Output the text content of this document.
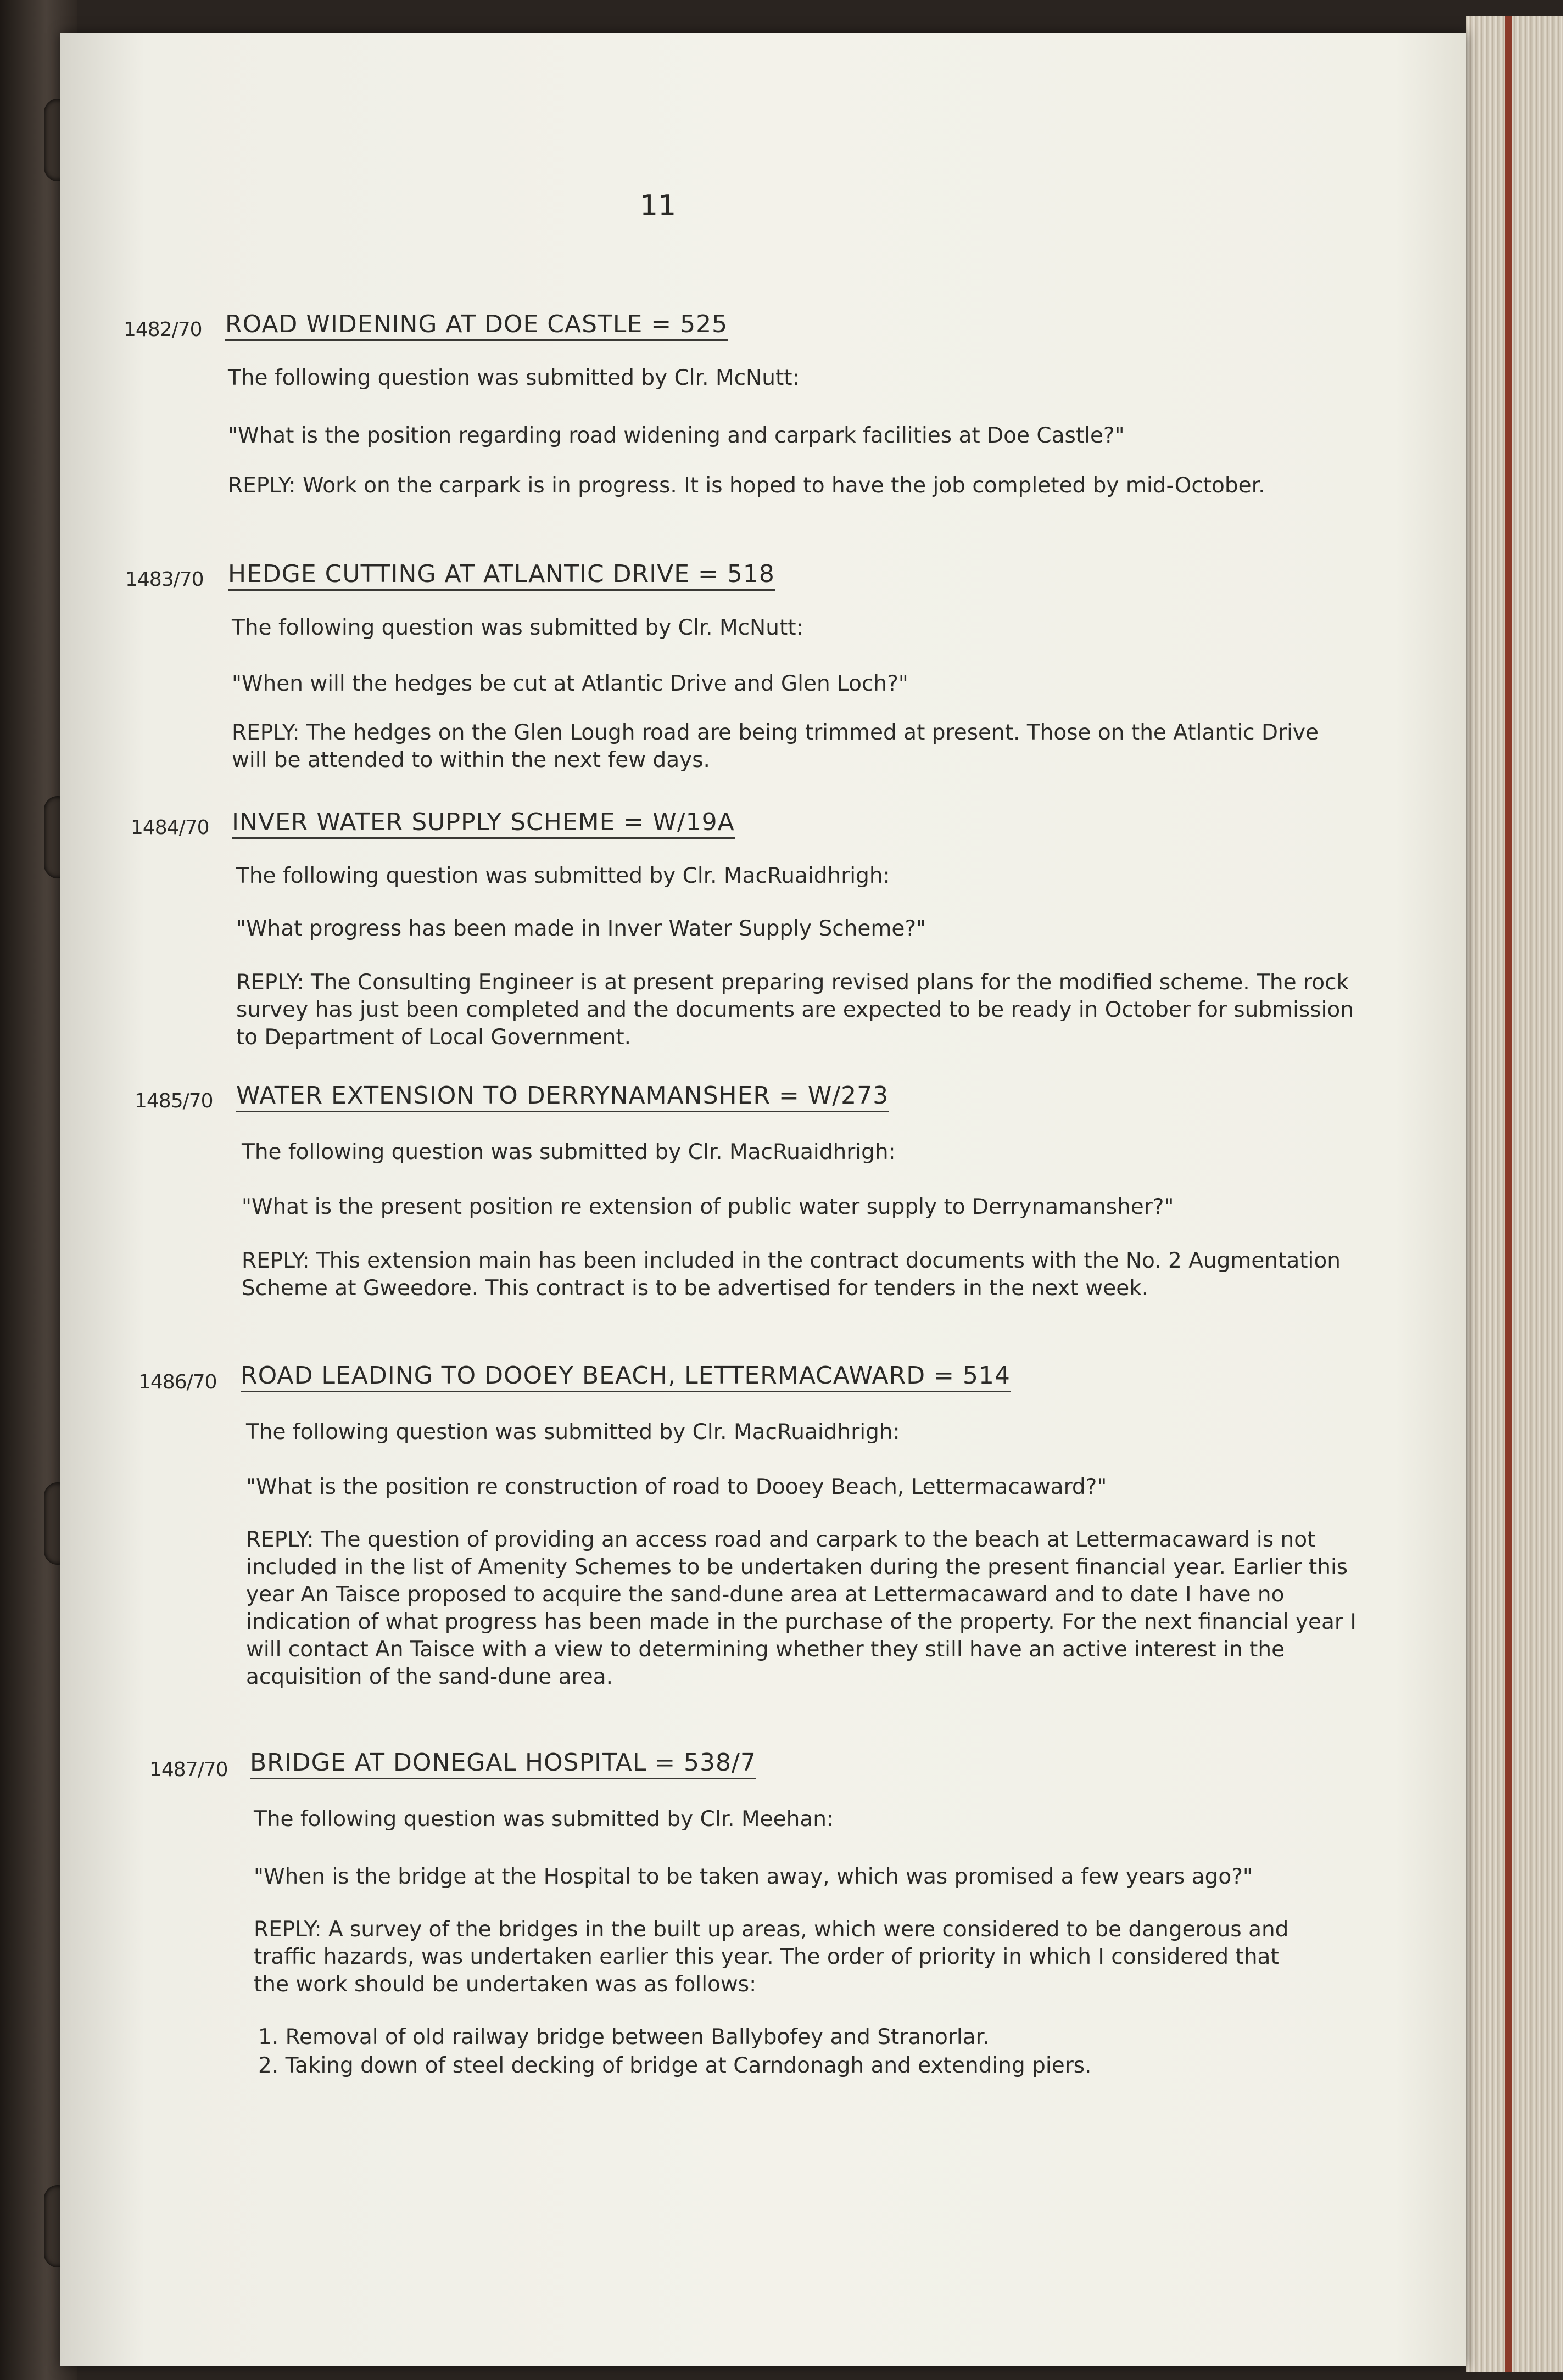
11
1482/70 ROAD WIDENING AT DOE CASTLE = 525
The following question was submitted by Clr. McNutt:
"What is the position regarding road widening and carpark facilities at Doe Castle?"
REPLY: Work on the carpark is in progress. It is hoped to have the job completed by mid-October.
1483/70 HEDGE CUTTING AT ATLANTIC DRIVE = 518
The following question was submitted by Clr. McNutt:
"When will the hedges be cut at Atlantic Drive and Glen Loch?"
REPLY: The hedges on the Glen Lough road are being trimmed at present. Those on the Atlantic Drive will be attended to within the next few days.
1484/70 INVER WATER SUPPLY SCHEME = W/19A
The following question was submitted by Clr. MacRuaidhrigh:
"What progress has been made in Inver Water Supply Scheme?"
REPLY: The Consulting Engineer is at present preparing revised plans for the modified scheme. The rock survey has just been completed and the documents are expected to be ready in October for submission to Department of Local Government.
1485/70 WATER EXTENSION TO DERRYNAMANSHER = W/273
The following question was submitted by Clr. MacRuaidhrigh:
"What is the present position re extension of public water supply to Derrynamansher?"
REPLY: This extension main has been included in the contract documents with the No. 2 Augmentation Scheme at Gweedore. This contract is to be advertised for tenders in the next week.
1486/70 ROAD LEADING TO DOOEY BEACH, LETTERMACAWARD = 514
The following question was submitted by Clr. MacRuaidhrigh:
"What is the position re construction of road to Dooey Beach, Lettermacaward?"
REPLY: The question of providing an access road and carpark to the beach at Lettermacaward is not included in the list of Amenity Schemes to be undertaken during the present financial year. Earlier this year An Taisce proposed to acquire the sand-dune area at Lettermacaward and to date I have no indication of what progress has been made in the purchase of the property. For the next financial year I will contact An Taisce with a view to determining whether they still have an active interest in the acquisition of the sand-dune area.
1487/70 BRIDGE AT DONEGAL HOSPITAL = 538/7
The following question was submitted by Clr. Meehan:
"When is the bridge at the Hospital to be taken away, which was promised a few years ago?"
REPLY: A survey of the bridges in the built up areas, which were considered to be dangerous and traffic hazards, was undertaken earlier this year. The order of priority in which I considered that the work should be undertaken was as follows:
1. Removal of old railway bridge between Ballybofey and Stranorlar.
2. Taking down of steel decking of bridge at Carndonagh and extending piers.
